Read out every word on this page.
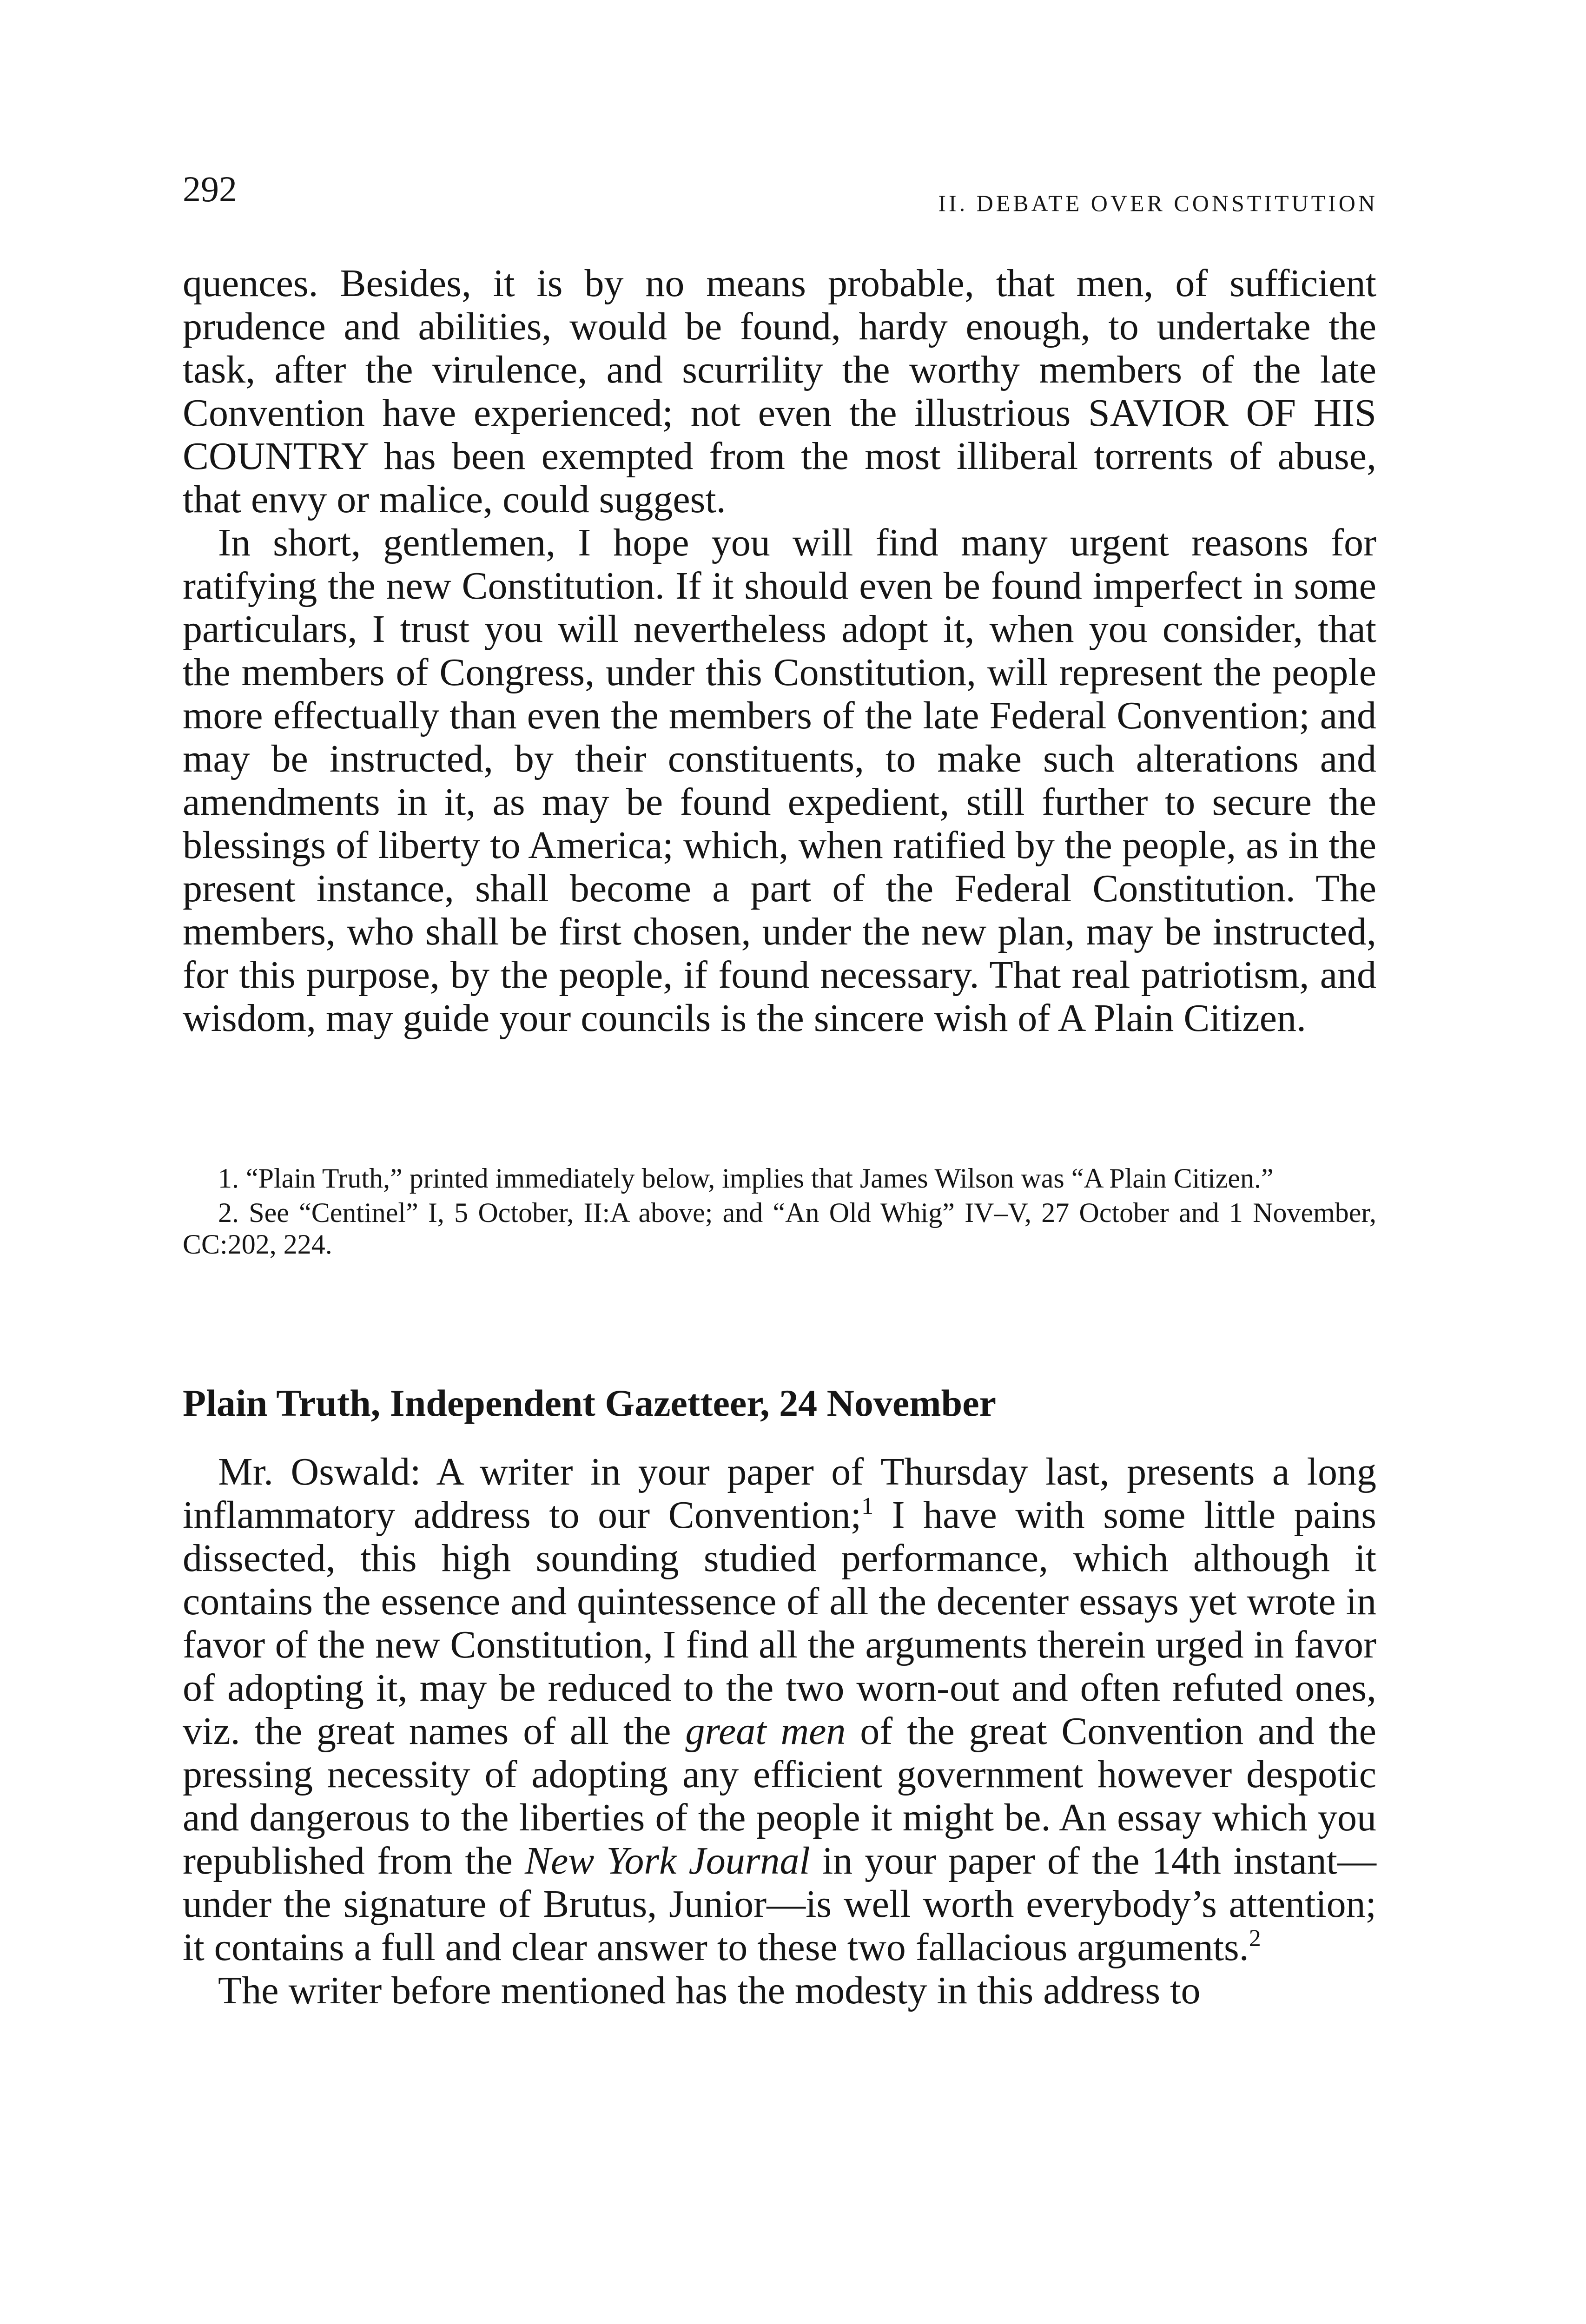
292	II. DEBATE OVER CONSTITUTION

quences. Besides, it is by no means probable, that men, of sufficient prudence and abilities, would be found, hardy enough, to undertake the task, after the virulence, and scurrility the worthy members of the late Convention have experienced; not even the illustrious SAVIOR OF HIS COUNTRY has been exempted from the most illiberal torrents of abuse, that envy or malice, could suggest.

In short, gentlemen, I hope you will find many urgent reasons for ratifying the new Constitution. If it should even be found imperfect in some particulars, I trust you will nevertheless adopt it, when you consider, that the members of Congress, under this Constitution, will represent the people more effectually than even the members of the late Federal Convention; and may be instructed, by their constituents, to make such alterations and amendments in it, as may be found expedient, still further to secure the blessings of liberty to America; which, when ratified by the people, as in the present instance, shall become a part of the Federal Constitution. The members, who shall be first chosen, under the new plan, may be instructed, for this purpose, by the people, if found necessary. That real patriotism, and wisdom, may guide your councils is the sincere wish of A Plain Citizen.

1. “Plain Truth,” printed immediately below, implies that James Wilson was “A Plain Citizen.”

2. See “Centinel” I, 5 October, II:A above; and “An Old Whig” IV–V, 27 October and 1 November, CC:202, 224.

Plain Truth, Independent Gazetteer, 24 November

Mr. Oswald: A writer in your paper of Thursday last, presents a long inflammatory address to our Convention;$^1$ I have with some little pains dissected, this high sounding studied performance, which although it contains the essence and quintessence of all the decenter essays yet wrote in favor of the new Constitution, I find all the arguments therein urged in favor of adopting it, may be reduced to the two worn-out and often refuted ones, viz. the great names of all the great men of the great Convention and the pressing necessity of adopting any efficient government however despotic and dangerous to the liberties of the people it might be. An essay which you republished from the New York Journal in your paper of the 14th instant—under the signature of Brutus, Junior—is well worth everybody’s attention; it contains a full and clear answer to these two fallacious arguments.$^2$

The writer before mentioned has the modesty in this address to
